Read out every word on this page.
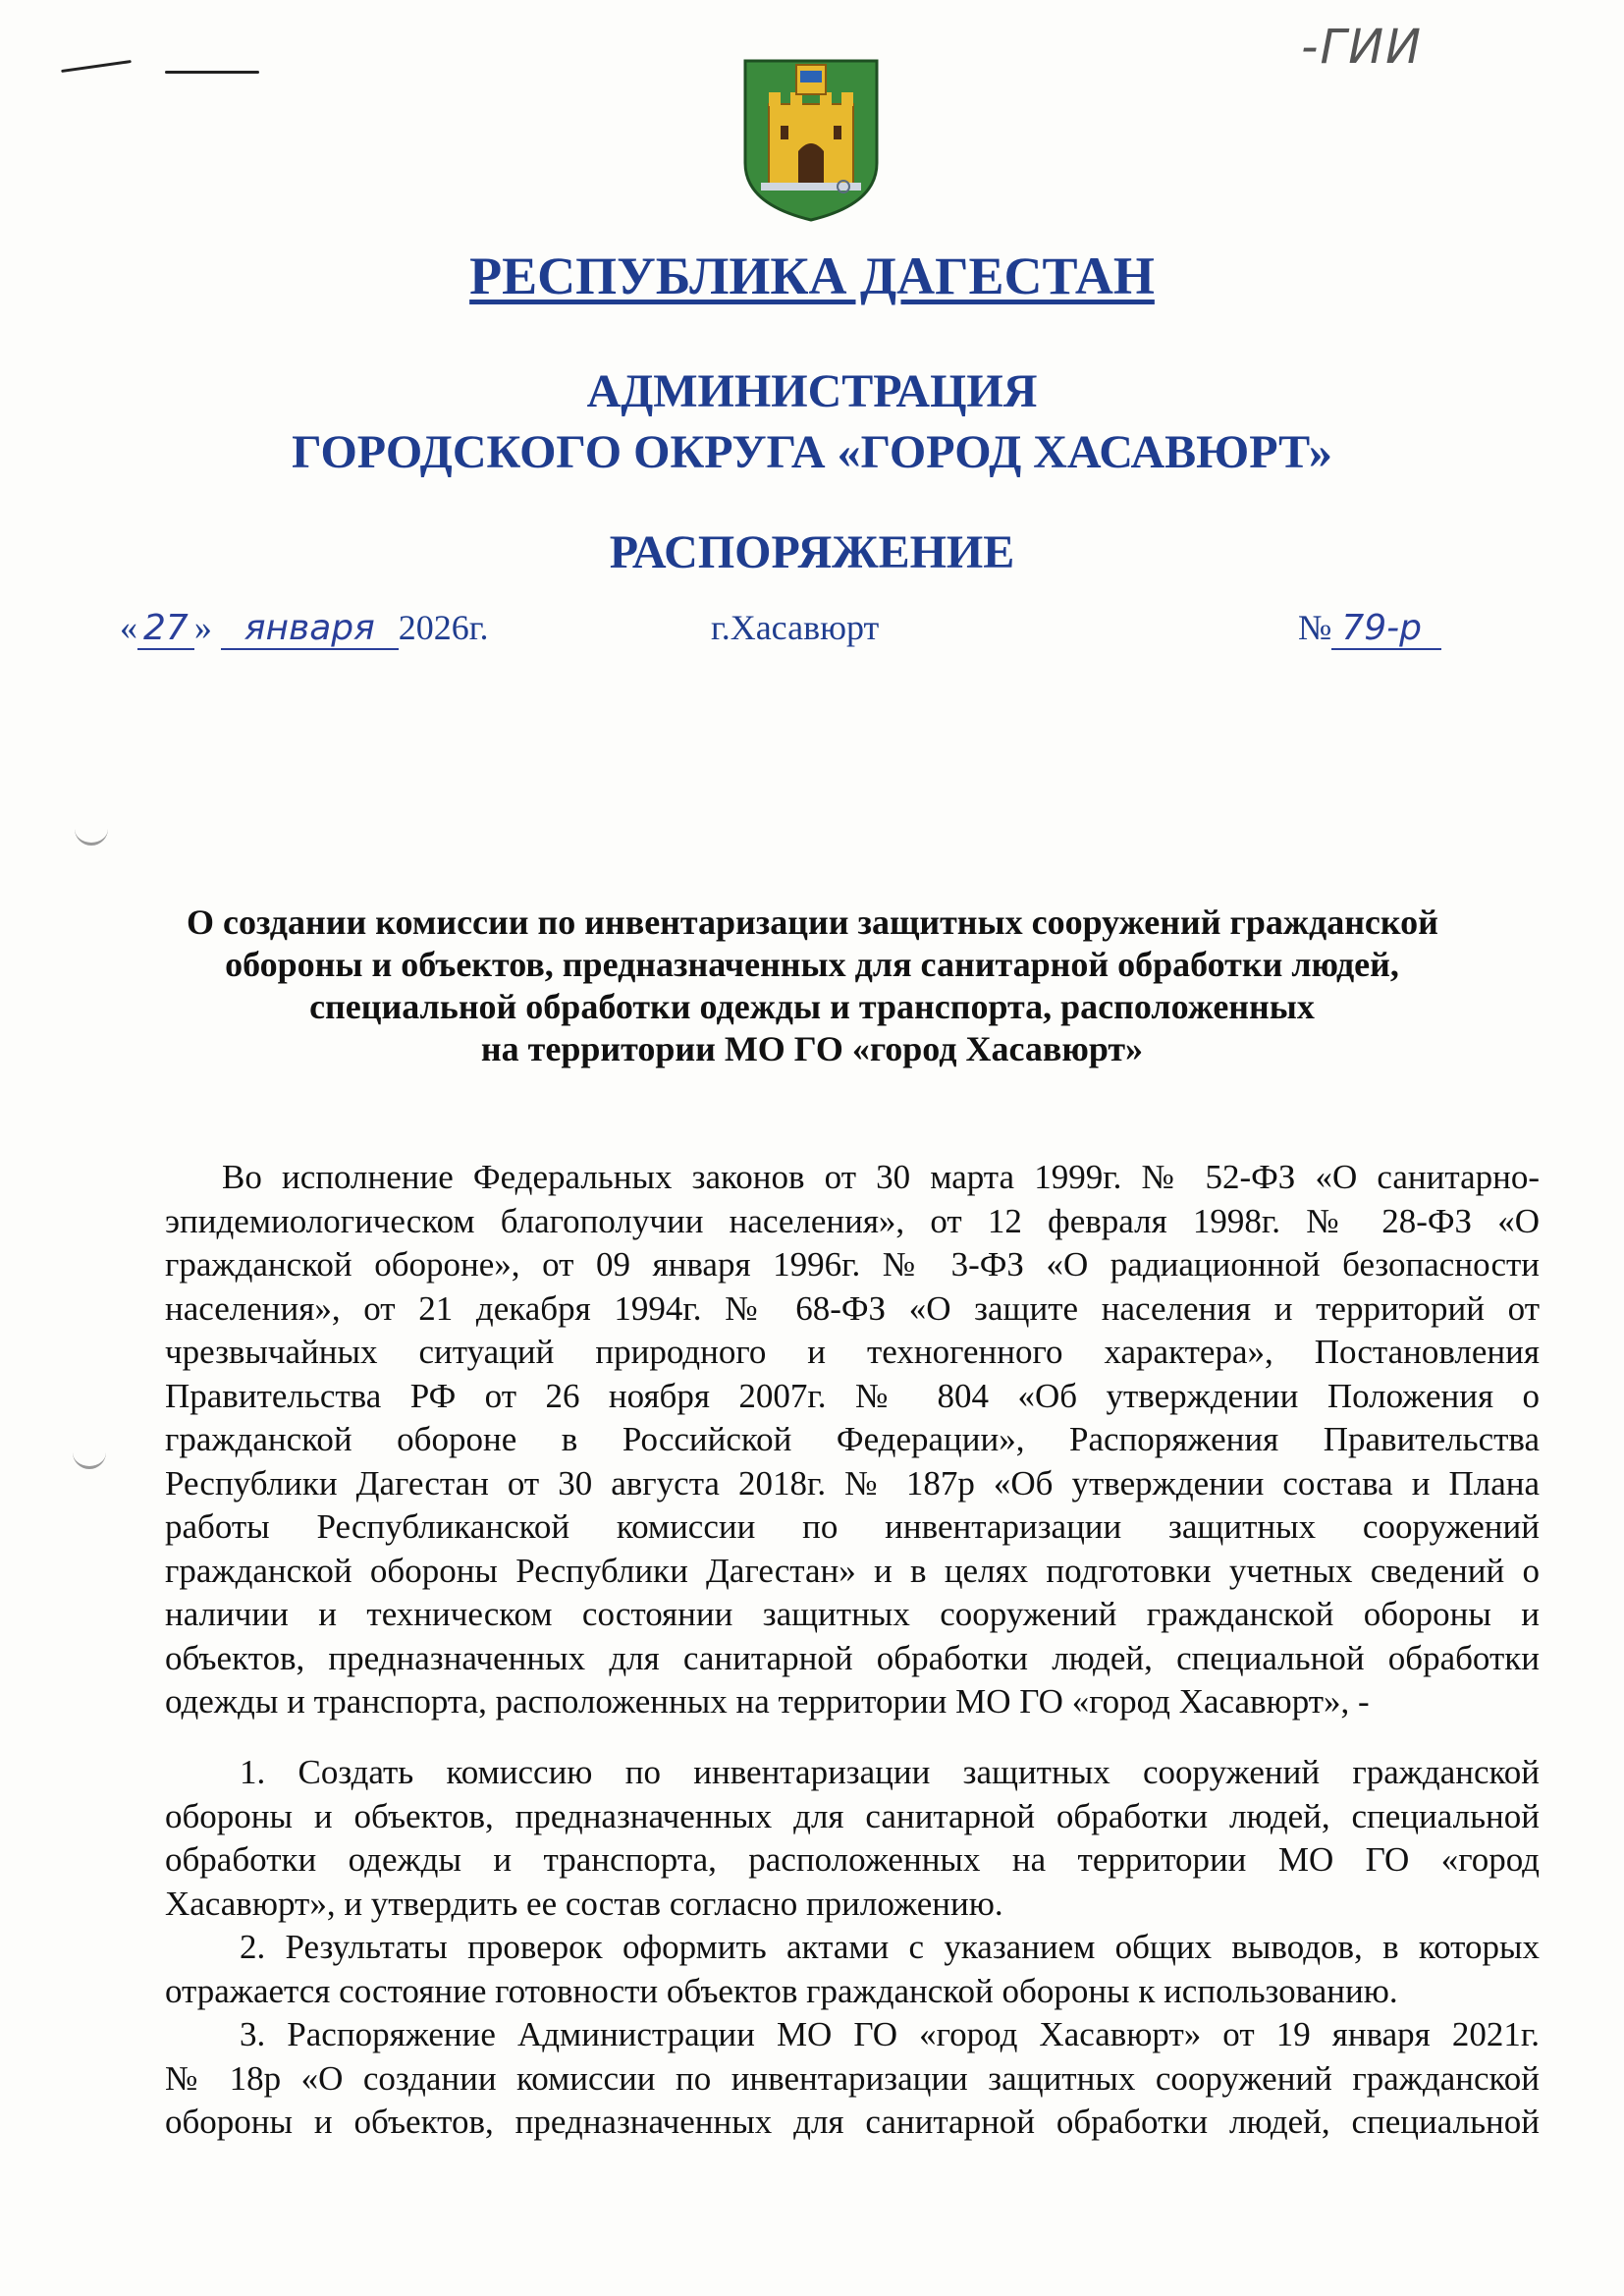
-ГИИ
РЕСПУБЛИКА ДАГЕСТАН
АДМИНИСТРАЦИЯ
ГОРОДСКОГО ОКРУГА «ГОРОД ХАСАВЮРТ»
РАСПОРЯЖЕНИЕ
« 27 » января 2026г.	г.Хасавюрт	№ 79-р
О создании комиссии по инвентаризации защитных сооружений гражданской
обороны и объектов, предназначенных для санитарной обработки людей,
специальной обработки одежды и транспорта, расположенных
на территории МО ГО «город Хасавюрт»
Во исполнение Федеральных законов от 30 марта 1999г. № 52-ФЗ «О санитарно-
эпидемиологическом благополучии населения», от 12 февраля 1998г. № 28-ФЗ «О
гражданской обороне», от 09 января 1996г. № 3-ФЗ «О радиационной безопасности
населения», от 21 декабря 1994г. № 68-ФЗ «О защите населения и территорий от
чрезвычайных ситуаций природного и техногенного характера», Постановления
Правительства РФ от 26 ноября 2007г. № 804 «Об утверждении Положения о
гражданской обороне в Российской Федерации», Распоряжения Правительства
Республики Дагестан от 30 августа 2018г. № 187р «Об утверждении состава и Плана
работы Республиканской комиссии по инвентаризации защитных сооружений
гражданской обороны Республики Дагестан» и в целях подготовки учетных сведений о
наличии и техническом состоянии защитных сооружений гражданской обороны и
объектов, предназначенных для санитарной обработки людей, специальной обработки
одежды и транспорта, расположенных на территории МО ГО «город Хасавюрт», -
1. Создать комиссию по инвентаризации защитных сооружений гражданской
обороны и объектов, предназначенных для санитарной обработки людей, специальной
обработки одежды и транспорта, расположенных на территории МО ГО «город
Хасавюрт», и утвердить ее состав согласно приложению.
2. Результаты проверок оформить актами с указанием общих выводов, в которых
отражается состояние готовности объектов гражданской обороны к использованию.
3. Распоряжение Администрации МО ГО «город Хасавюрт» от 19 января 2021г.
№ 18р «О создании комиссии по инвентаризации защитных сооружений гражданской
обороны и объектов, предназначенных для санитарной обработки людей, специальной
